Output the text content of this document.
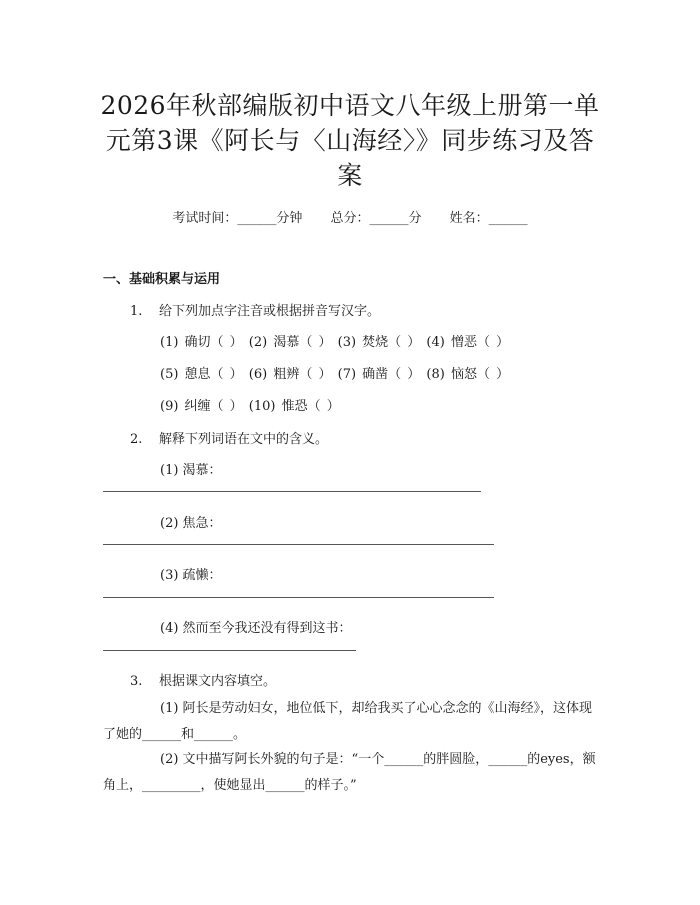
2026年秋部编版初中语文八年级上册第一单元第3课《阿长与〈山海经〉》同步练习及答案
考试时间：______分钟 总分：______分 姓名：______
一、基础积累与运用
1. 给下列加点字注音或根据拼音写汉字。
(1) 确切（ ） (2) 渴慕（ ） (3) 焚烧（ ） (4) 憎恶（ ）
(5) 憩息（ ） (6) 粗辨（ ） (7) 确凿（ ） (8) 恼怒（ ）
(9) 纠缠（ ） (10) 惟恐（ ）
2. 解释下列词语在文中的含义。
(1) 渴慕：
(2) 焦急：
(3) 疏懒：
(4) 然而至今我还没有得到这书：
3. 根据课文内容填空。
(1) 阿长是劳动妇女，地位低下，却给我买了心心念念的《山海经》，这体现了她的______和______。
(2) 文中描写阿长外貌的句子是：“一个______的胖圆脸，______的eyes，额角上，_________，使她显出______的样子。”
